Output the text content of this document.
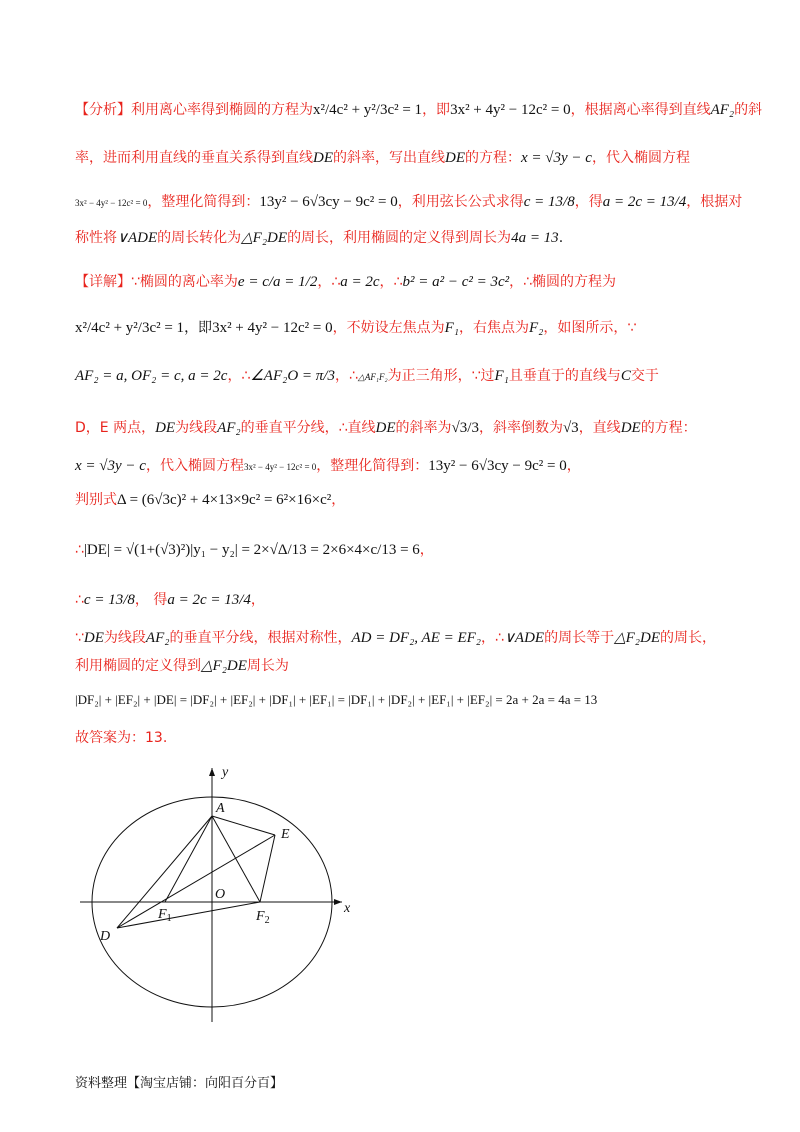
【分析】利用离心率得到椭圆的方程为x²/4c² + y²/3c² = 1，即3x² + 4y² − 12c² = 0，根据离心率得到直线AF₂的斜
率，进而利用直线的垂直关系得到直线DE的斜率，写出直线DE的方程：x = √3y − c，代入椭圆方程
3x² − 4y² − 12c² = 0，整理化简得到：13y² − 6√3cy − 9c² = 0，利用弦长公式求得c = 13/8，得a = 2c = 13/4，根据对
称性将∨ADE的周长转化为△F₂DE的周长，利用椭圆的定义得到周长为4a = 13.
【详解】∵椭圆的离心率为e = c/a = 1/2，∴a = 2c，∴b² = a² − c² = 3c²，∴椭圆的方程为
x²/4c² + y²/3c² = 1，即3x² + 4y² − 12c² = 0，不妨设左焦点为F₁，右焦点为F₂，如图所示，∵
AF₂ = a, OF₂ = c, a = 2c，∴∠AF₂O = π/3，∴△AF₁F₂为正三角形，∵过F₁且垂直于的直线与C交于
D，E 两点，DE为线段AF₂的垂直平分线，∴直线DE的斜率为√3/3，斜率倒数为√3，直线DE的方程：
x = √3y − c，代入椭圆方程3x² − 4y² − 12c² = 0，整理化简得到：13y² − 6√3cy − 9c² = 0，
判别式Δ = (6√3c)² + 4×13×9c² = 6²×16×c²，
∴|DE| = √(1+(√3)²)|y₁ − y₂| = 2×√Δ/13 = 2×6×4×c/13 = 6，
∴c = 13/8， 得a = 2c = 13/4，
∵DE为线段AF₂的垂直平分线，根据对称性，AD = DF₂, AE = EF₂，∴∨ADE的周长等于△F₂DE的周长，
利用椭圆的定义得到△F₂DE周长为
|DF₂| + |EF₂| + |DE| = |DF₂| + |EF₂| + |DF₁| + |EF₁| = |DF₁| + |DF₂| + |EF₁| + |EF₂| = 2a + 2a = 4a = 13
故答案为：13.
y
x
A
E
O
$F_1$	$F_2$
D
资料整理【淘宝店铺：向阳百分百】
